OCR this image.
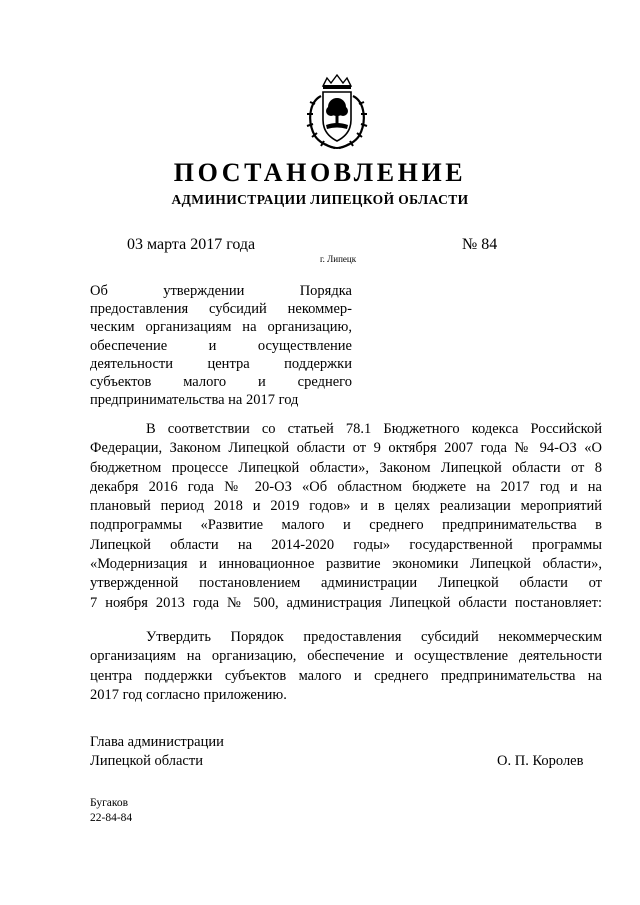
ПОСТАНОВЛЕНИЕ
АДМИНИСТРАЦИИ ЛИПЕЦКОЙ ОБЛАСТИ
03 марта 2017 года
г. Липецк
№ 84
Об утверждении Порядка
предоставления субсидий некоммер-
ческим организациям на организацию,
обеспечение и осуществление
деятельности центра поддержки
субъектов малого и среднего
предпринимательства на 2017 год
В соответствии со статьей 78.1 Бюджетного кодекса Российской
Федерации, Законом Липецкой области от 9 октября 2007 года № 94-ОЗ «О
бюджетном процессе Липецкой области», Законом Липецкой области от 8
декабря 2016 года № 20-ОЗ «Об областном бюджете на 2017 год и на
плановый период 2018 и 2019 годов» и в целях реализации мероприятий
подпрограммы «Развитие малого и среднего предпринимательства в
Липецкой области на 2014-2020 годы» государственной программы
«Модернизация и инновационное развитие экономики Липецкой области»,
утвержденной постановлением администрации Липецкой области от
7 ноября 2013 года № 500, администрация Липецкой области постановляет:
Утвердить Порядок предоставления субсидий некоммерческим
организациям на организацию, обеспечение и осуществление деятельности
центра поддержки субъектов малого и среднего предпринимательства на
2017 год согласно приложению.
Глава администрации
Липецкой области	О. П. Королев
Бугаков
22-84-84
